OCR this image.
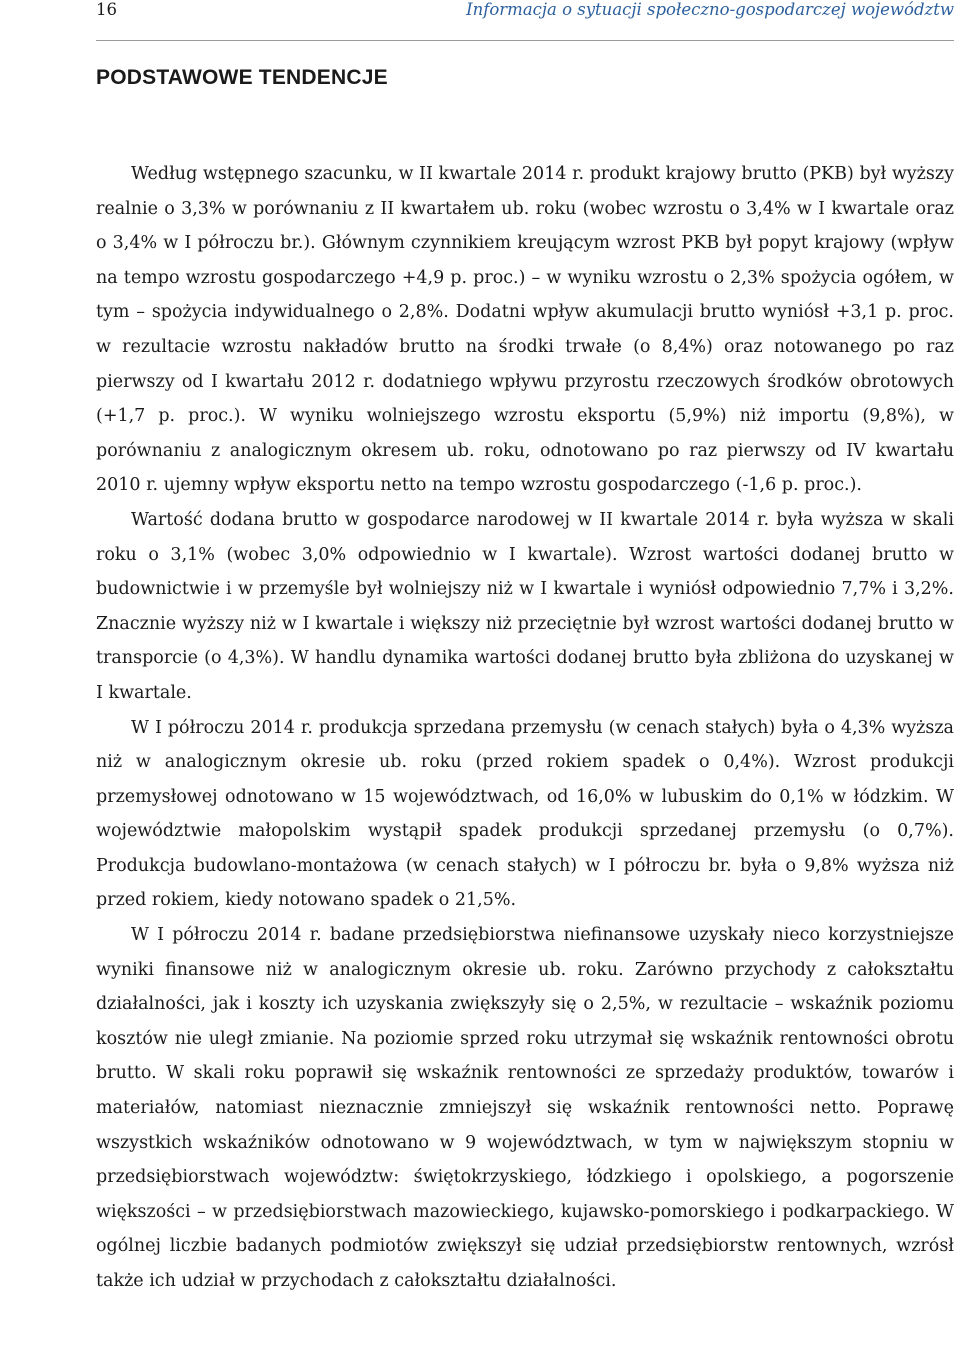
16	Informacja o sytuacji społeczno-gospodarczej województw
PODSTAWOWE TENDENCJE

Według wstępnego szacunku, w II kwartale 2014 r. produkt krajowy brutto (PKB) był wyższy realnie o 3,3% w porównaniu z II kwartałem ub. roku (wobec wzrostu o 3,4% w I kwartale oraz o 3,4% w I półroczu br.). Głównym czynnikiem kreującym wzrost PKB był popyt krajowy (wpływ na tempo wzrostu gospodarczego +4,9 p. proc.) – w wyniku wzrostu o 2,3% spożycia ogółem, w tym – spożycia indywidualnego o 2,8%. Dodatni wpływ akumulacji brutto wyniósł +3,1 p. proc. w rezultacie wzrostu nakładów brutto na środki trwałe (o 8,4%) oraz notowanego po raz pierwszy od I kwartału 2012 r. dodatniego wpływu przyrostu rzeczowych środków obrotowych (+1,7 p. proc.). W wyniku wolniejszego wzrostu eksportu (5,9%) niż importu (9,8%), w porównaniu z analogicznym okresem ub. roku, odnotowano po raz pierwszy od IV kwartału 2010 r. ujemny wpływ eksportu netto na tempo wzrostu gospodarczego (-1,6 p. proc.).

Wartość dodana brutto w gospodarce narodowej w II kwartale 2014 r. była wyższa w skali roku o 3,1% (wobec 3,0% odpowiednio w I kwartale). Wzrost wartości dodanej brutto w budownictwie i w przemyśle był wolniejszy niż w I kwartale i wyniósł odpowiednio 7,7% i 3,2%. Znacznie wyższy niż w I kwartale i większy niż przeciętnie był wzrost wartości dodanej brutto w transporcie (o 4,3%). W handlu dynamika wartości dodanej brutto była zbliżona do uzyskanej w I kwartale.

W I półroczu 2014 r. produkcja sprzedana przemysłu (w cenach stałych) była o 4,3% wyższa niż w analogicznym okresie ub. roku (przed rokiem spadek o 0,4%). Wzrost produkcji przemysłowej odnotowano w 15 województwach, od 16,0% w lubuskim do 0,1% w łódzkim. W województwie małopolskim wystąpił spadek produkcji sprzedanej przemysłu (o 0,7%). Produkcja budowlano-montażowa (w cenach stałych) w I półroczu br. była o 9,8% wyższa niż przed rokiem, kiedy notowano spadek o 21,5%.

W I półroczu 2014 r. badane przedsiębiorstwa niefinansowe uzyskały nieco korzystniejsze wyniki finansowe niż w analogicznym okresie ub. roku. Zarówno przychody z całokształtu działalności, jak i koszty ich uzyskania zwiększyły się o 2,5%, w rezultacie – wskaźnik poziomu kosztów nie uległ zmianie. Na poziomie sprzed roku utrzymał się wskaźnik rentowności obrotu brutto. W skali roku poprawił się wskaźnik rentowności ze sprzedaży produktów, towarów i materiałów, natomiast nieznacznie zmniejszył się wskaźnik rentowności netto. Poprawę wszystkich wskaźników odnotowano w 9 województwach, w tym w największym stopniu w przedsiębiorstwach województw: świętokrzyskiego, łódzkiego i opolskiego, a pogorszenie większości – w przedsiębiorstwach mazowieckiego, kujawsko-pomorskiego i podkarpackiego. W ogólnej liczbie badanych podmiotów zwiększył się udział przedsiębiorstw rentownych, wzrósł także ich udział w przychodach z całokształtu działalności.
